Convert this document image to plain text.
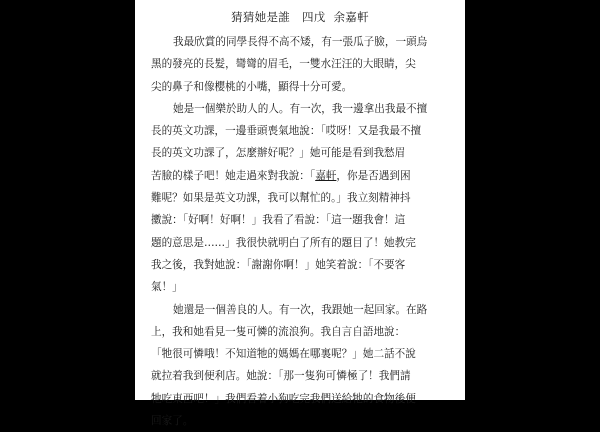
猜猜她是誰 四戊 余嘉軒
我最欣賞的同學長得不高不矮，有一張瓜子臉，一頭烏
黑的發亮的長髮，彎彎的眉毛，一雙水汪汪的大眼睛，尖
尖的鼻子和像櫻桃的小嘴，顯得十分可愛。
她是一個樂於助人的人。有一次，我一邊拿出我最不擅
長的英文功課，一邊垂頭喪氣地說：「哎呀！又是我最不擅
長的英文功課了，怎麼辦好呢？」她可能是看到我愁眉
苦臉的樣子吧！她走過來對我說：「嘉軒，你是否遇到困
難呢？如果是英文功課，我可以幫忙的。」我立刻精神抖
擻說：「好啊！好啊！」我看了看說：「這一題我會！這
題的意思是……」我很快就明白了所有的題目了！她教完
我之後，我對她說：「謝謝你啊！」她笑着說：「不要客
氣！」
她還是一個善良的人。有一次，我跟她一起回家。在路
上，我和她看見一隻可憐的流浪狗。我自言自語地說：
「牠很可憐哦！不知道牠的媽媽在哪裏呢？」她二話不說
就拉着我到便利店。她說：「那一隻狗可憐極了！我們請
牠吃東西吧！」我們看着小狗吃完我們送給牠的食物後便
回家了。
